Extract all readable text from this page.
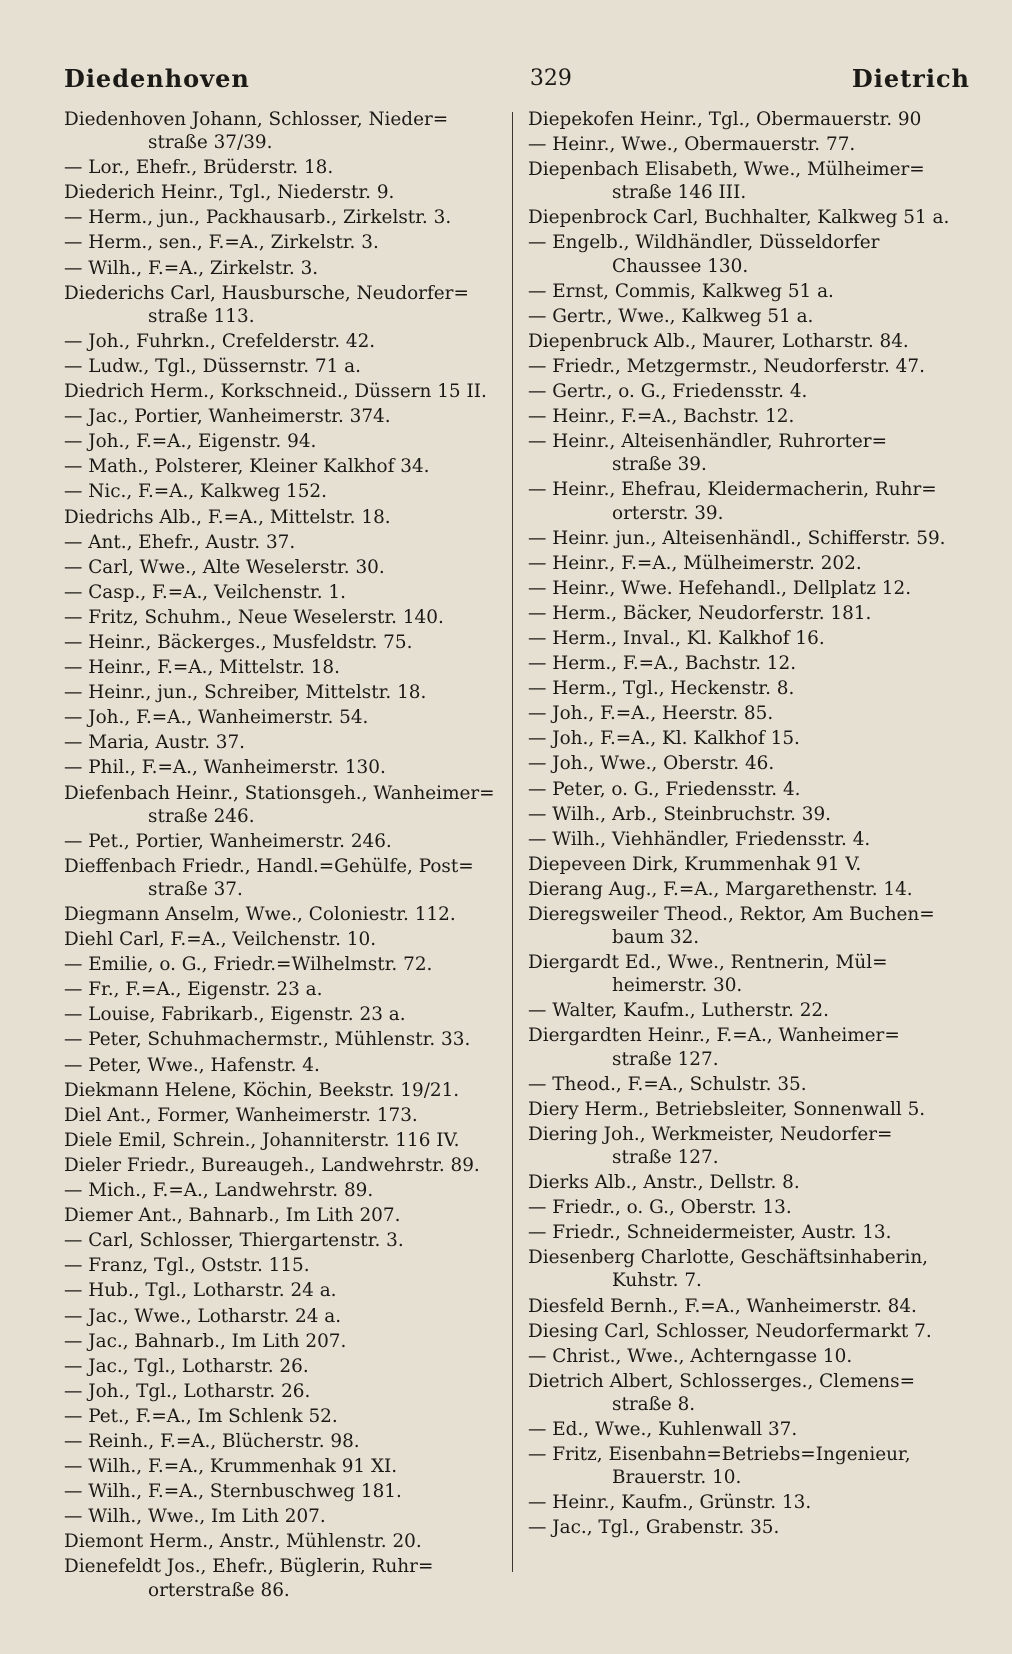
Diedenhoven	329	Dietrich
Diedenhoven Johann, Schlosser, Nieder=
straße 37/39.
— Lor., Ehefr., Brüderstr. 18.
Diederich Heinr., Tgl., Niederstr. 9.
— Herm., jun., Packhausarb., Zirkelstr. 3.
— Herm., sen., F.=A., Zirkelstr. 3.
— Wilh., F.=A., Zirkelstr. 3.
Diederichs Carl, Hausbursche, Neudorfer=
straße 113.
— Joh., Fuhrkn., Crefelderstr. 42.
— Ludw., Tgl., Düssernstr. 71 a.
Diedrich Herm., Korkschneid., Düssern 15 II.
— Jac., Portier, Wanheimerstr. 374.
— Joh., F.=A., Eigenstr. 94.
— Math., Polsterer, Kleiner Kalkhof 34.
— Nic., F.=A., Kalkweg 152.
Diedrichs Alb., F.=A., Mittelstr. 18.
— Ant., Ehefr., Austr. 37.
— Carl, Wwe., Alte Weselerstr. 30.
— Casp., F.=A., Veilchenstr. 1.
— Fritz, Schuhm., Neue Weselerstr. 140.
— Heinr., Bäckerges., Musfeldstr. 75.
— Heinr., F.=A., Mittelstr. 18.
— Heinr., jun., Schreiber, Mittelstr. 18.
— Joh., F.=A., Wanheimerstr. 54.
— Maria, Austr. 37.
— Phil., F.=A., Wanheimerstr. 130.
Diefenbach Heinr., Stationsgeh., Wanheimer=
straße 246.
— Pet., Portier, Wanheimerstr. 246.
Dieffenbach Friedr., Handl.=Gehülfe, Post=
straße 37.
Diegmann Anselm, Wwe., Coloniestr. 112.
Diehl Carl, F.=A., Veilchenstr. 10.
— Emilie, o. G., Friedr.=Wilhelmstr. 72.
— Fr., F.=A., Eigenstr. 23 a.
— Louise, Fabrikarb., Eigenstr. 23 a.
— Peter, Schuhmachermstr., Mühlenstr. 33.
— Peter, Wwe., Hafenstr. 4.
Diekmann Helene, Köchin, Beekstr. 19/21.
Diel Ant., Former, Wanheimerstr. 173.
Diele Emil, Schrein., Johanniterstr. 116 IV.
Dieler Friedr., Bureaugeh., Landwehrstr. 89.
— Mich., F.=A., Landwehrstr. 89.
Diemer Ant., Bahnarb., Im Lith 207.
— Carl, Schlosser, Thiergartenstr. 3.
— Franz, Tgl., Oststr. 115.
— Hub., Tgl., Lotharstr. 24 a.
— Jac., Wwe., Lotharstr. 24 a.
— Jac., Bahnarb., Im Lith 207.
— Jac., Tgl., Lotharstr. 26.
— Joh., Tgl., Lotharstr. 26.
— Pet., F.=A., Im Schlenk 52.
— Reinh., F.=A., Blücherstr. 98.
— Wilh., F.=A., Krummenhak 91 XI.
— Wilh., F.=A., Sternbuschweg 181.
— Wilh., Wwe., Im Lith 207.
Diemont Herm., Anstr., Mühlenstr. 20.
Dienefeldt Jos., Ehefr., Büglerin, Ruhr=
orterstraße 86.
Diepekofen Heinr., Tgl., Obermauerstr. 90
— Heinr., Wwe., Obermauerstr. 77.
Diepenbach Elisabeth, Wwe., Mülheimer=
straße 146 III.
Diepenbrock Carl, Buchhalter, Kalkweg 51 a.
— Engelb., Wildhändler, Düsseldorfer
Chaussee 130.
— Ernst, Commis, Kalkweg 51 a.
— Gertr., Wwe., Kalkweg 51 a.
Diepenbruck Alb., Maurer, Lotharstr. 84.
— Friedr., Metzgermstr., Neudorferstr. 47.
— Gertr., o. G., Friedensstr. 4.
— Heinr., F.=A., Bachstr. 12.
— Heinr., Alteisenhändler, Ruhrorter=
straße 39.
— Heinr., Ehefrau, Kleidermacherin, Ruhr=
orterstr. 39.
— Heinr. jun., Alteisenhändl., Schifferstr. 59.
— Heinr., F.=A., Mülheimerstr. 202.
— Heinr., Wwe. Hefehandl., Dellplatz 12.
— Herm., Bäcker, Neudorferstr. 181.
— Herm., Inval., Kl. Kalkhof 16.
— Herm., F.=A., Bachstr. 12.
— Herm., Tgl., Heckenstr. 8.
— Joh., F.=A., Heerstr. 85.
— Joh., F.=A., Kl. Kalkhof 15.
— Joh., Wwe., Oberstr. 46.
— Peter, o. G., Friedensstr. 4.
— Wilh., Arb., Steinbruchstr. 39.
— Wilh., Viehhändler, Friedensstr. 4.
Diepeveen Dirk, Krummenhak 91 V.
Dierang Aug., F.=A., Margarethenstr. 14.
Dieregsweiler Theod., Rektor, Am Buchen=
baum 32.
Diergardt Ed., Wwe., Rentnerin, Mül=
heimerstr. 30.
— Walter, Kaufm., Lutherstr. 22.
Diergardten Heinr., F.=A., Wanheimer=
straße 127.
— Theod., F.=A., Schulstr. 35.
Diery Herm., Betriebsleiter, Sonnenwall 5.
Diering Joh., Werkmeister, Neudorfer=
straße 127.
Dierks Alb., Anstr., Dellstr. 8.
— Friedr., o. G., Oberstr. 13.
— Friedr., Schneidermeister, Austr. 13.
Diesenberg Charlotte, Geschäftsinhaberin,
Kuhstr. 7.
Diesfeld Bernh., F.=A., Wanheimerstr. 84.
Diesing Carl, Schlosser, Neudorfermarkt 7.
— Christ., Wwe., Achterngasse 10.
Dietrich Albert, Schlosserges., Clemens=
straße 8.
— Ed., Wwe., Kuhlenwall 37.
— Fritz, Eisenbahn=Betriebs=Ingenieur,
Brauerstr. 10.
— Heinr., Kaufm., Grünstr. 13.
— Jac., Tgl., Grabenstr. 35.
